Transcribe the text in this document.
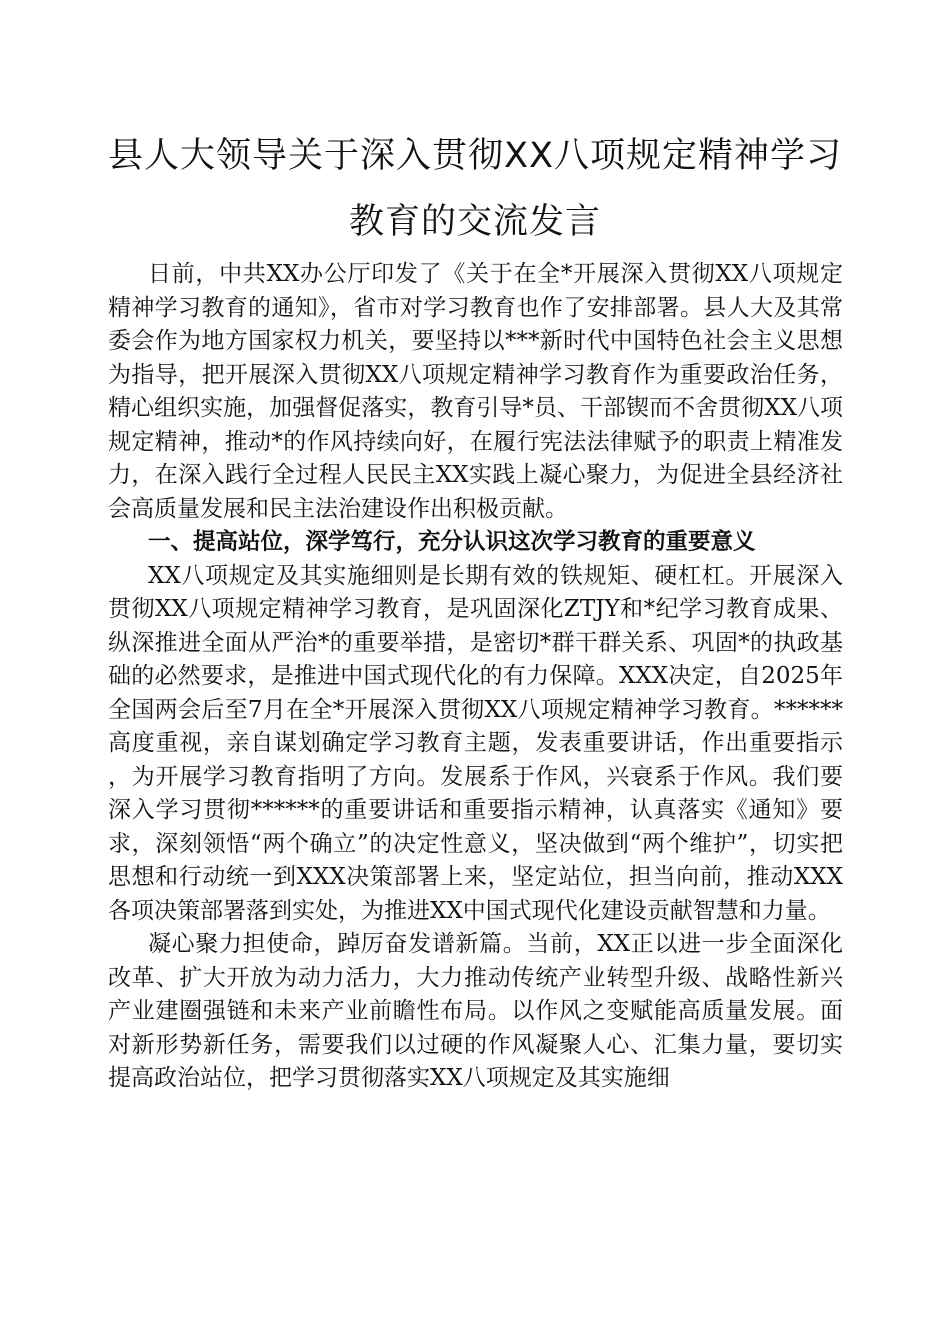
县人大领导关于深入贯彻XX八项规定精神学习
教育的交流发言

日前，中共XX办公厅印发了《关于在全*开展深入贯彻XX八项规定精神学习教育的通知》，省市对学习教育也作了安排部署。县人大及其常委会作为地方国家权力机关，要坚持以***新时代中国特色社会主义思想为指导，把开展深入贯彻XX八项规定精神学习教育作为重要政治任务，精心组织实施，加强督促落实，教育引导*员、干部锲而不舍贯彻XX八项规定精神，推动*的作风持续向好，在履行宪法法律赋予的职责上精准发力，在深入践行全过程人民民主XX实践上凝心聚力，为促进全县经济社会高质量发展和民主法治建设作出积极贡献。

一、提高站位，深学笃行，充分认识这次学习教育的重要意义

XX八项规定及其实施细则是长期有效的铁规矩、硬杠杠。开展深入贯彻XX八项规定精神学习教育，是巩固深化ZTJY和*纪学习教育成果、纵深推进全面从严治*的重要举措，是密切*群干群关系、巩固*的执政基础的必然要求，是推进中国式现代化的有力保障。XXX决定，自2025年全国两会后至7月在全*开展深入贯彻XX八项规定精神学习教育。******高度重视，亲自谋划确定学习教育主题，发表重要讲话，作出重要指示，为开展学习教育指明了方向。发展系于作风，兴衰系于作风。我们要深入学习贯彻******的重要讲话和重要指示精神，认真落实《通知》要求，深刻领悟“两个确立”的决定性意义，坚决做到“两个维护”，切实把思想和行动统一到XXX决策部署上来，坚定站位，担当向前，推动XXX各项决策部署落到实处，为推进XX中国式现代化建设贡献智慧和力量。

凝心聚力担使命，踔厉奋发谱新篇。当前，XX正以进一步全面深化改革、扩大开放为动力活力，大力推动传统产业转型升级、战略性新兴产业建圈强链和未来产业前瞻性布局。以作风之变赋能高质量发展。面对新形势新任务，需要我们以过硬的作风凝聚人心、汇集力量，要切实提高政治站位，把学习贯彻落实XX八项规定及其实施细
